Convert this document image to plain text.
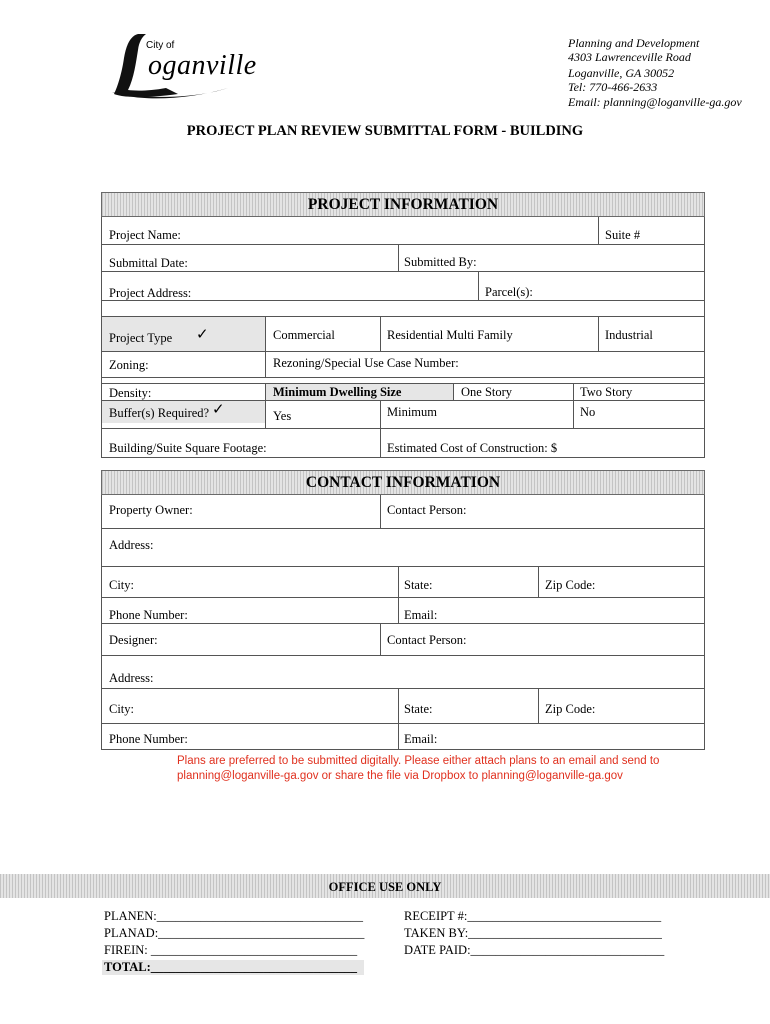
City of
oganville
Planning and Development
4303 Lawrenceville Road
Loganville, GA 30052
Tel: 770-466-2633
Email: planning@loganville-ga.gov
PROJECT PLAN REVIEW SUBMITTAL FORM - BUILDING
PROJECT INFORMATION
Project Name:	Suite #
Submittal Date:	Submitted By:
Project Address:	Parcel(s):
Project Type ✓	Commercial	Residential Multi Family	Industrial
Zoning:	Rezoning/Special Use Case Number:
Density:	Minimum Dwelling Size	One Story	Two Story
Buffer(s) Required? ✓	Yes	Minimum	No
Building/Suite Square Footage:	Estimated Cost of Construction: $
CONTACT INFORMATION
Property Owner:	Contact Person:
Address:
City:	State:	Zip Code:
Phone Number:	Email:
Designer:	Contact Person:
Address:
City:	State:	Zip Code:
Phone Number:	Email:
Plans are preferred to be submitted digitally. Please either attach plans to an email and send to
planning@loganville-ga.gov or share the file via Dropbox to planning@loganville-ga.gov
OFFICE USE ONLY
PLANEN:_________________________________
PLANAD:_________________________________
FIREIN: _________________________________
TOTAL:_________________________________
RECEIPT #:_______________________________
TAKEN BY:_______________________________
DATE PAID:_______________________________
